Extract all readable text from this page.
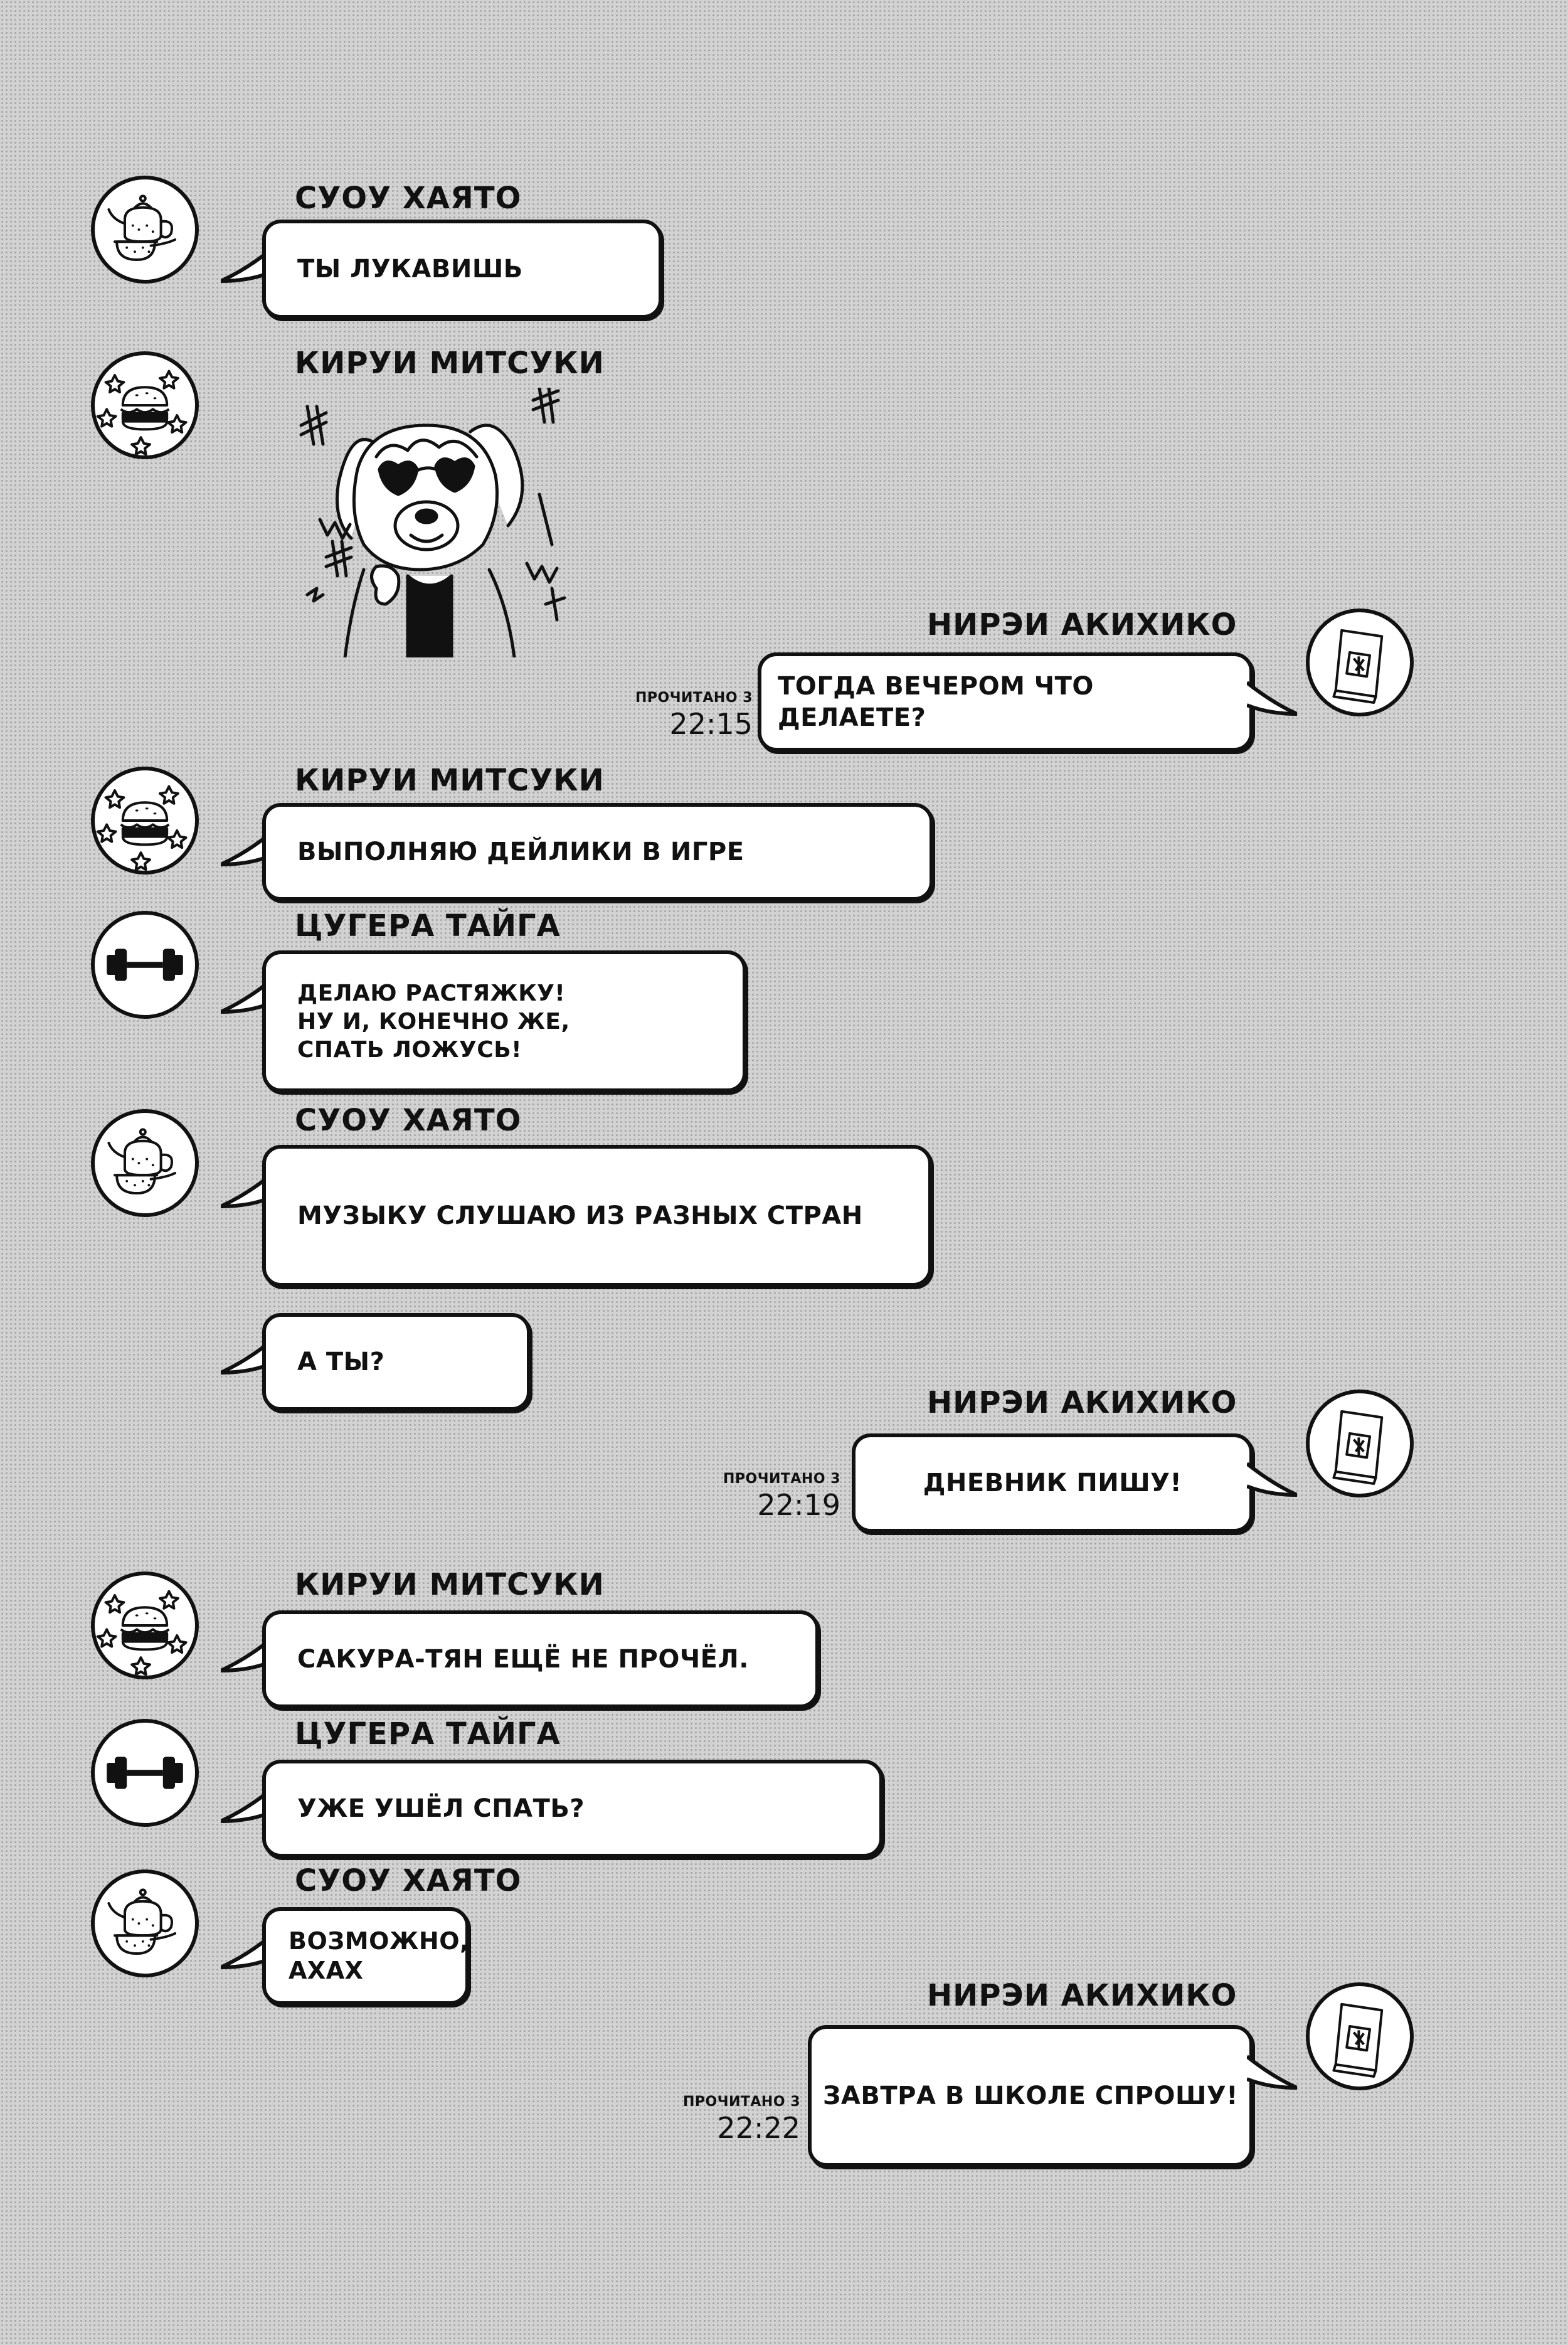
СУОУ ХАЯТО
ТЫ ЛУКАВИШЬ
КИРУИ МИТСУКИ
НИРЭИ АКИХИКО
ПРОЧИТАНО 3
22:15
ТОГДА ВЕЧЕРОМ ЧТО ДЕЛАЕТЕ?
КИРУИ МИТСУКИ
ВЫПОЛНЯЮ ДЕЙЛИКИ В ИГРЕ
ЦУГЕРА ТАЙГА
ДЕЛАЮ РАСТЯЖКУ!
НУ И, КОНЕЧНО ЖЕ,
СПАТЬ ЛОЖУСЬ!
СУОУ ХАЯТО
МУЗЫКУ СЛУШАЮ ИЗ РАЗНЫХ СТРАН
А ТЫ?
НИРЭИ АКИХИКО
ПРОЧИТАНО 3
22:19
ДНЕВНИК ПИШУ!
КИРУИ МИТСУКИ
САКУРА-ТЯН ЕЩЁ НЕ ПРОЧЁЛ.
ЦУГЕРА ТАЙГА
УЖЕ УШЁЛ СПАТЬ?
СУОУ ХАЯТО
ВОЗМОЖНО,
АХАХ
НИРЭИ АКИХИКО
ПРОЧИТАНО 3
22:22
ЗАВТРА В ШКОЛЕ СПРОШУ!
